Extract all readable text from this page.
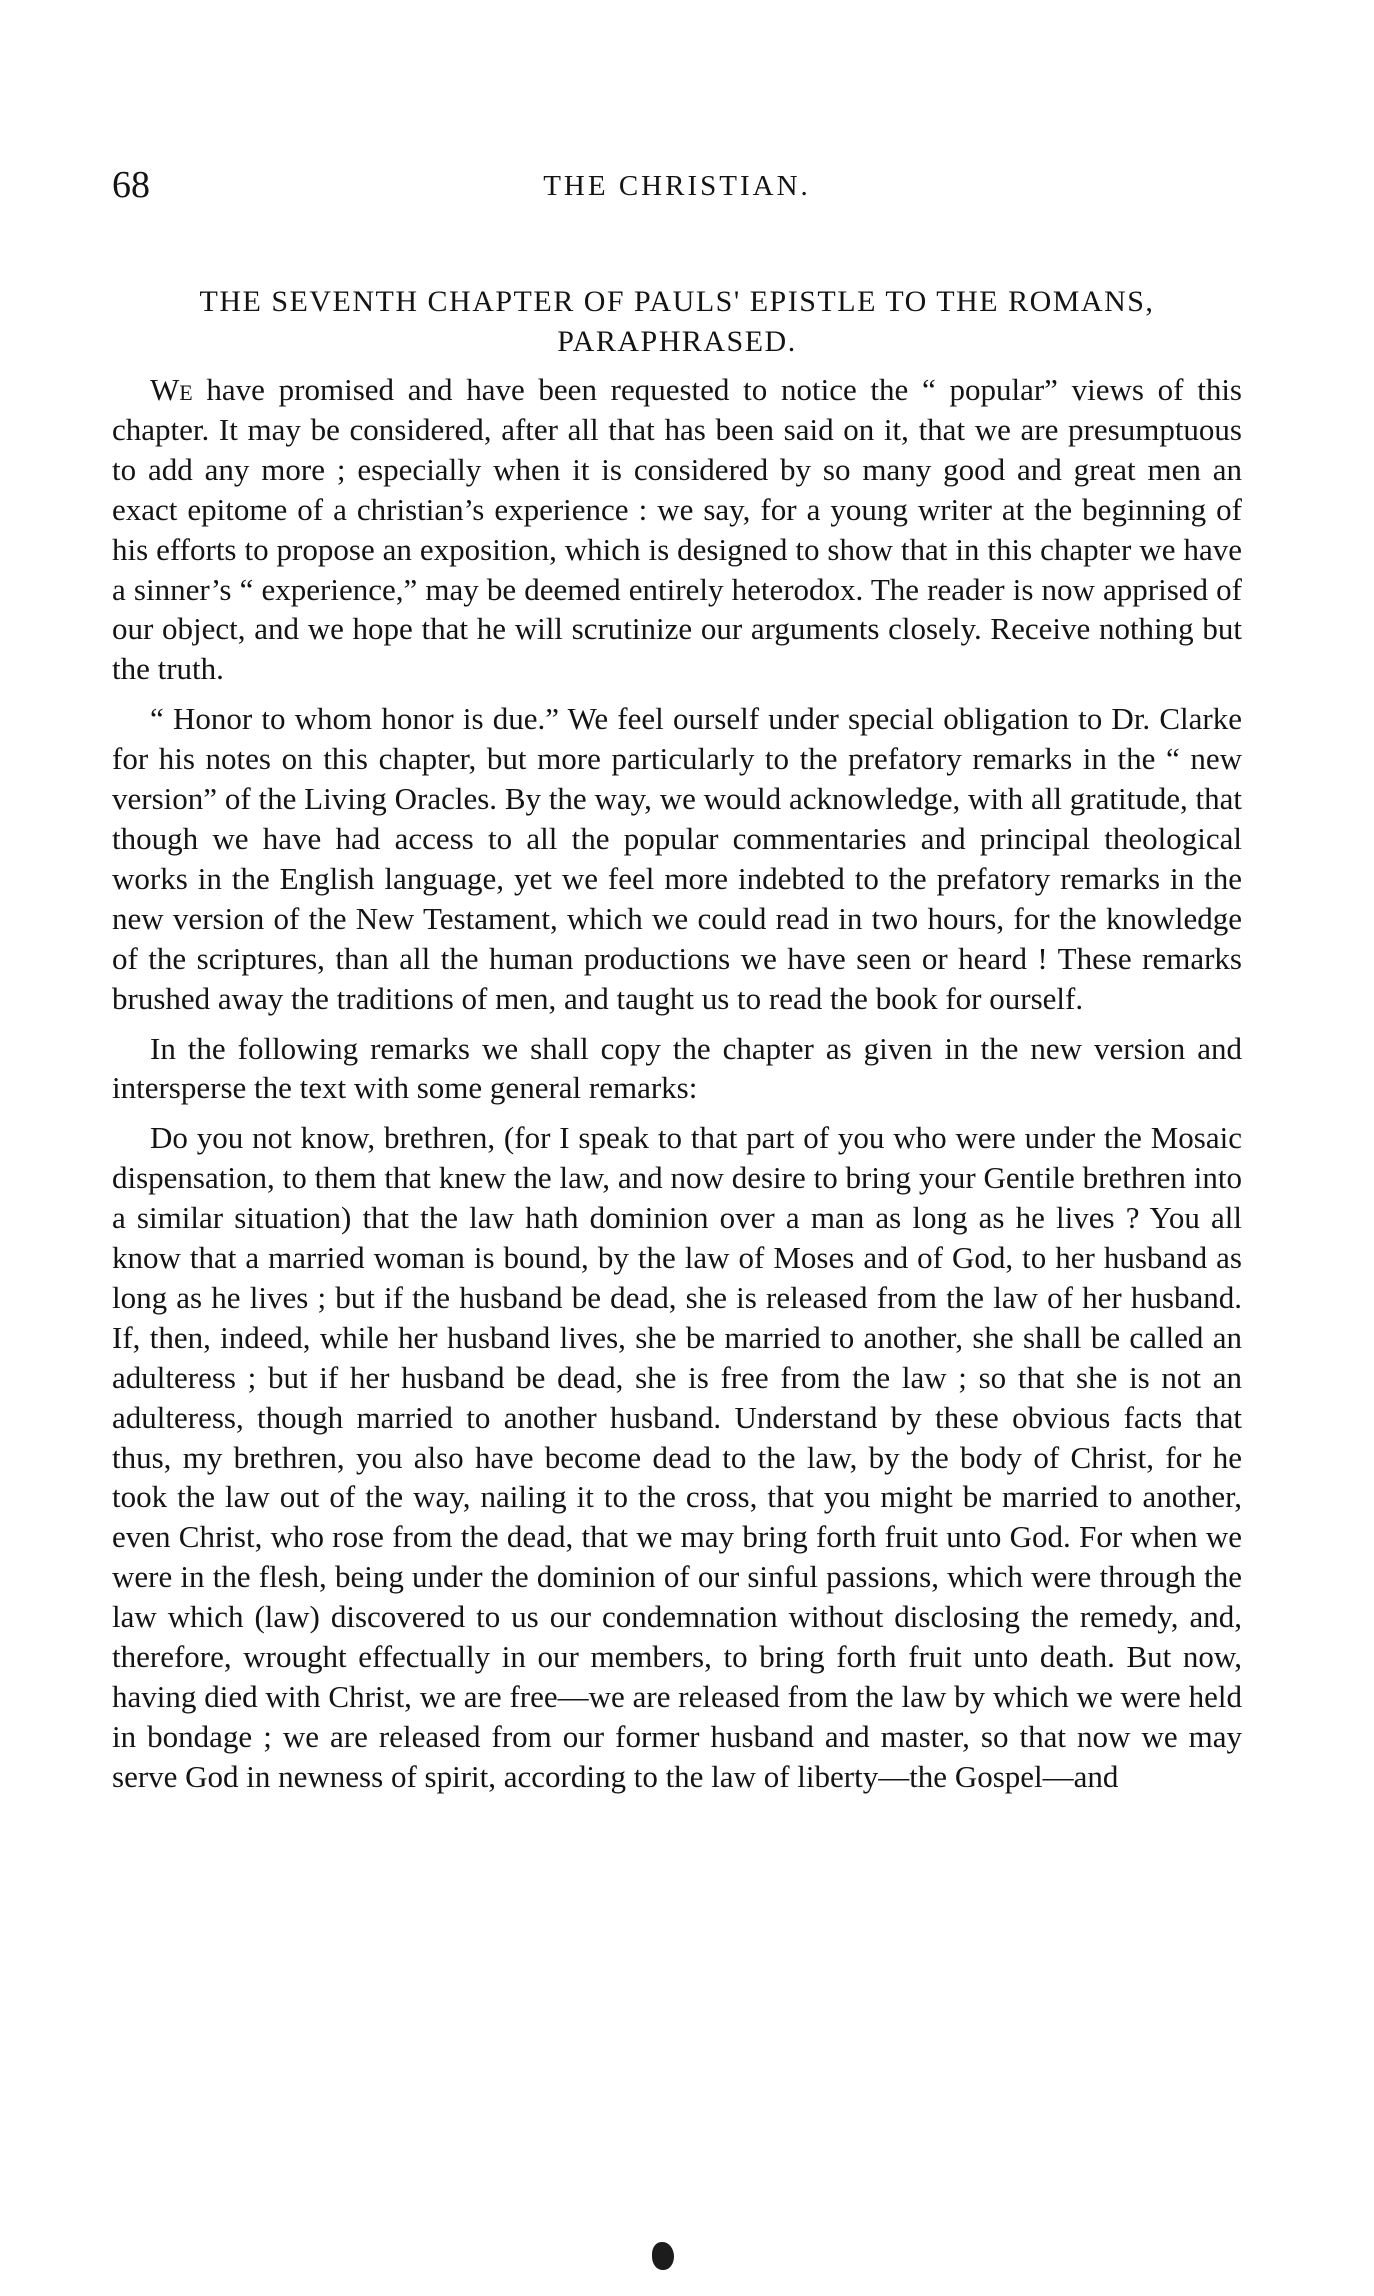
68	THE CHRISTIAN.
THE SEVENTH CHAPTER OF PAULS' EPISTLE TO THE ROMANS,
PARAPHRASED.

We have promised and have been requested to notice the “ popular” views of this chapter. It may be considered, after all that has been said on it, that we are presumptuous to add any more ; especially when it is considered by so many good and great men an exact epitome of a christian’s experience : we say, for a young writer at the beginning of his efforts to propose an exposition, which is designed to show that in this chapter we have a sinner’s “ experience,” may be deemed entirely heterodox. The reader is now apprised of our object, and we hope that he will scrutinize our arguments closely. Receive nothing but the truth.

“ Honor to whom honor is due.” We feel ourself under special obligation to Dr. Clarke for his notes on this chapter, but more particularly to the prefatory remarks in the “ new version” of the Living Oracles. By the way, we would acknowledge, with all gratitude, that though we have had access to all the popular commentaries and principal theological works in the English language, yet we feel more indebted to the prefatory remarks in the new version of the New Testament, which we could read in two hours, for the knowledge of the scriptures, than all the human productions we have seen or heard ! These remarks brushed away the traditions of men, and taught us to read the book for ourself.

In the following remarks we shall copy the chapter as given in the new version and intersperse the text with some general remarks:

Do you not know, brethren, (for I speak to that part of you who were under the Mosaic dispensation, to them that knew the law, and now desire to bring your Gentile brethren into a similar situation) that the law hath dominion over a man as long as he lives ? You all know that a married woman is bound, by the law of Moses and of God, to her husband as long as he lives ; but if the husband be dead, she is released from the law of her husband. If, then, indeed, while her husband lives, she be married to another, she shall be called an adulteress ; but if her husband be dead, she is free from the law ; so that she is not an adulteress, though married to another husband. Understand by these obvious facts that thus, my brethren, you also have become dead to the law, by the body of Christ, for he took the law out of the way, nailing it to the cross, that you might be married to another, even Christ, who rose from the dead, that we may bring forth fruit unto God. For when we were in the flesh, being under the dominion of our sinful passions, which were through the law which (law) discovered to us our condemnation without disclosing the remedy, and, therefore, wrought effectually in our members, to bring forth fruit unto death. But now, having died with Christ, we are free—we are released from the law by which we were held in bondage ; we are released from our former husband and master, so that now we may serve God in newness of spirit, according to the law of liberty—the Gospel—and
